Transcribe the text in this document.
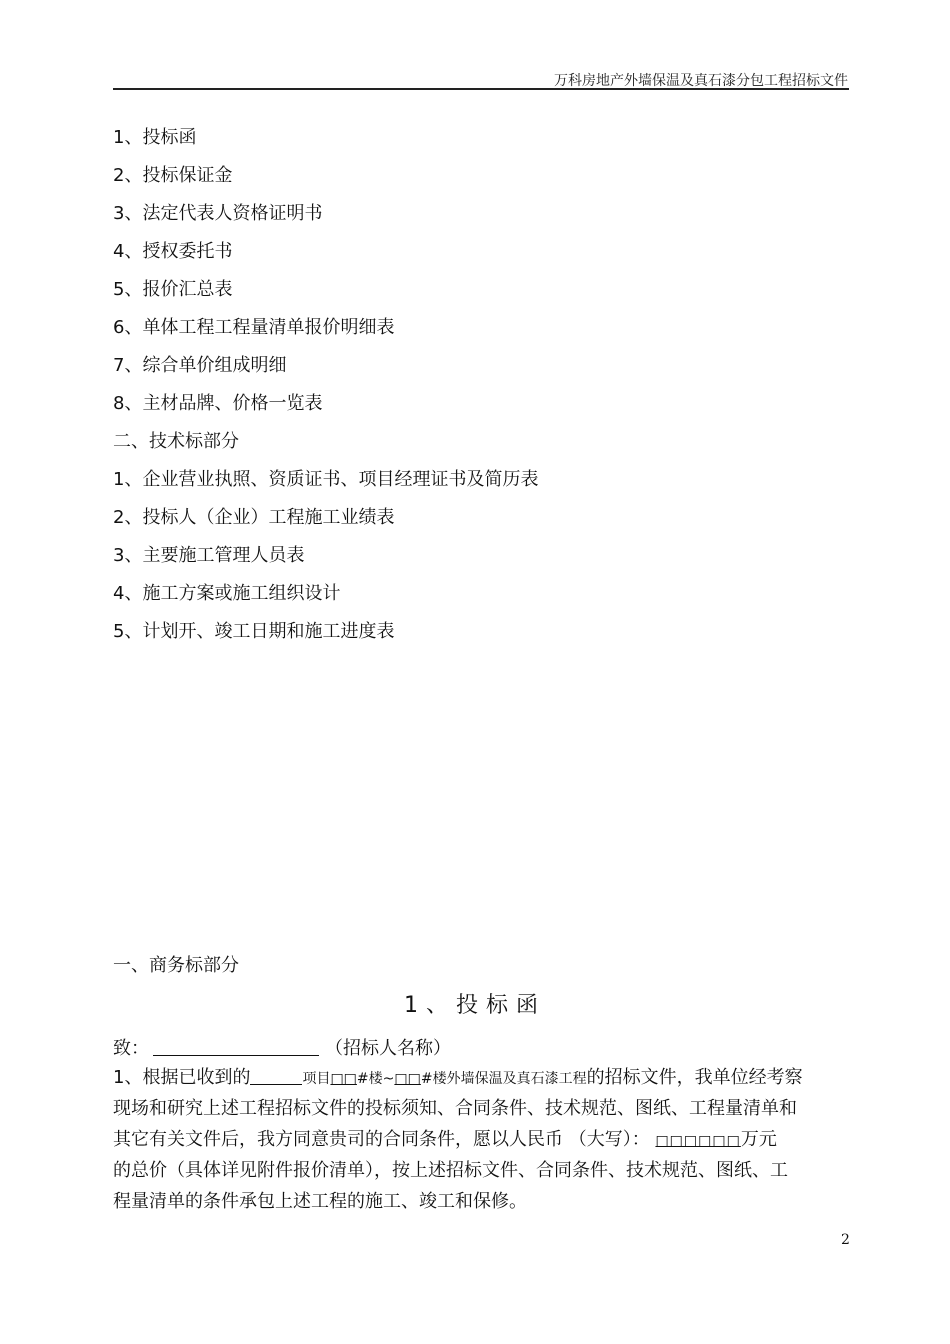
万科房地产外墙保温及真石漆分包工程招标文件
1、投标函
2、投标保证金
3、法定代表人资格证明书
4、授权委托书
5、报价汇总表
6、单体工程工程量清单报价明细表
7、综合单价组成明细
8、主材品牌、价格一览表
二、技术标部分
1、企业营业执照、资质证书、项目经理证书及简历表
2、投标人（企业）工程施工业绩表
3、主要施工管理人员表
4、施工方案或施工组织设计
5、计划开、竣工日期和施工进度表
一、商务标部分
1、投标函
致：	（招标人名称）
1、根据已收到的	项目□□#楼~□□#楼外墙保温及真石漆工程的招标文件，我单位经考察
现场和研究上述工程招标文件的投标须知、合同条件、技术规范、图纸、工程量清单和
其它有关文件后，我方同意贵司的合同条件，愿以人民币 （大写）： □□□□□□万元
的总价（具体详见附件报价清单），按上述招标文件、合同条件、技术规范、图纸、工
程量清单的条件承包上述工程的施工、竣工和保修。
2
